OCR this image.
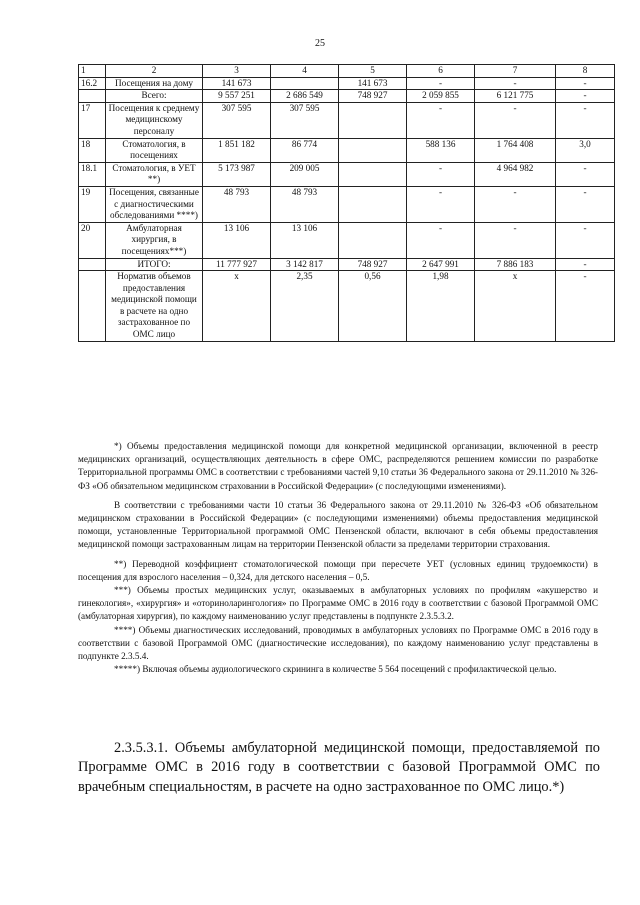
25
1	2	3	4	5	6	7	8
16.2	Посещения на дому	141 673		141 673	-	-	-
	Всего:	9 557 251	2 686 549	748 927	2 059 855	6 121 775	-
17	Посещения к среднему медицинскому персоналу	307 595	307 595		-	-	-
18	Стоматология, в посещениях	1 851 182	86 774		588 136	1 764 408	3,0
18.1	Стоматология, в УЕТ **)	5 173 987	209 005		-	4 964 982	-
19	Посещения, связанные с диагностическими обследованиями ****)	48 793	48 793		-	-	-
20	Амбулаторная хирургия, в посещениях***)	13 106	13 106		-	-	-
	ИТОГО:	11 777 927	3 142 817	748 927	2 647 991	7 886 183	-
	Норматив объемов предоставления медицинской помощи в расчете на одно застрахованное по ОМС лицо	х	2,35	0,56	1,98	х	-

*) Объемы предоставления медицинской помощи для конкретной медицинской организации, включенной в реестр медицинских организаций, осуществляющих деятельность в сфере ОМС, распределяются решением комиссии по разработке Территориальной программы ОМС в соответствии с требованиями частей 9,10 статьи 36 Федерального закона от 29.11.2010 № 326-ФЗ «Об обязательном медицинском страховании в Российской Федерации» (с последующими изменениями).

В соответствии с требованиями части 10 статьи 36 Федерального закона от 29.11.2010 № 326-ФЗ «Об обязательном медицинском страховании в Российской Федерации» (с последующими изменениями) объемы предоставления медицинской помощи, установленные Территориальной программой ОМС Пензенской области, включают в себя объемы предоставления медицинской помощи застрахованным лицам на территории Пензенской области за пределами территории страхования.

**) Переводной коэффициент стоматологической помощи при пересчете УЕТ (условных единиц трудоемкости) в посещения для взрослого населения – 0,324, для детского населения – 0,5.

***) Объемы простых медицинских услуг, оказываемых в амбулаторных условиях по профилям «акушерство и гинекология», «хирургия» и «оториноларингология» по Программе ОМС в 2016 году в соответствии с базовой Программой ОМС (амбулаторная хирургия), по каждому наименованию услуг представлены в подпункте 2.3.5.3.2.

****) Объемы диагностических исследований, проводимых в амбулаторных условиях по Программе ОМС в 2016 году в соответствии с базовой Программой ОМС (диагностические исследования), по каждому наименованию услуг представлены в подпункте 2.3.5.4.

*****) Включая объемы аудиологического скрининга в количестве 5 564 посещений с профилактической целью.

2.3.5.3.1. Объемы амбулаторной медицинской помощи, предоставляемой по Программе ОМС в 2016 году в соответствии с базовой Программой ОМС по врачебным специальностям, в расчете на одно застрахованное по ОМС лицо.*)
